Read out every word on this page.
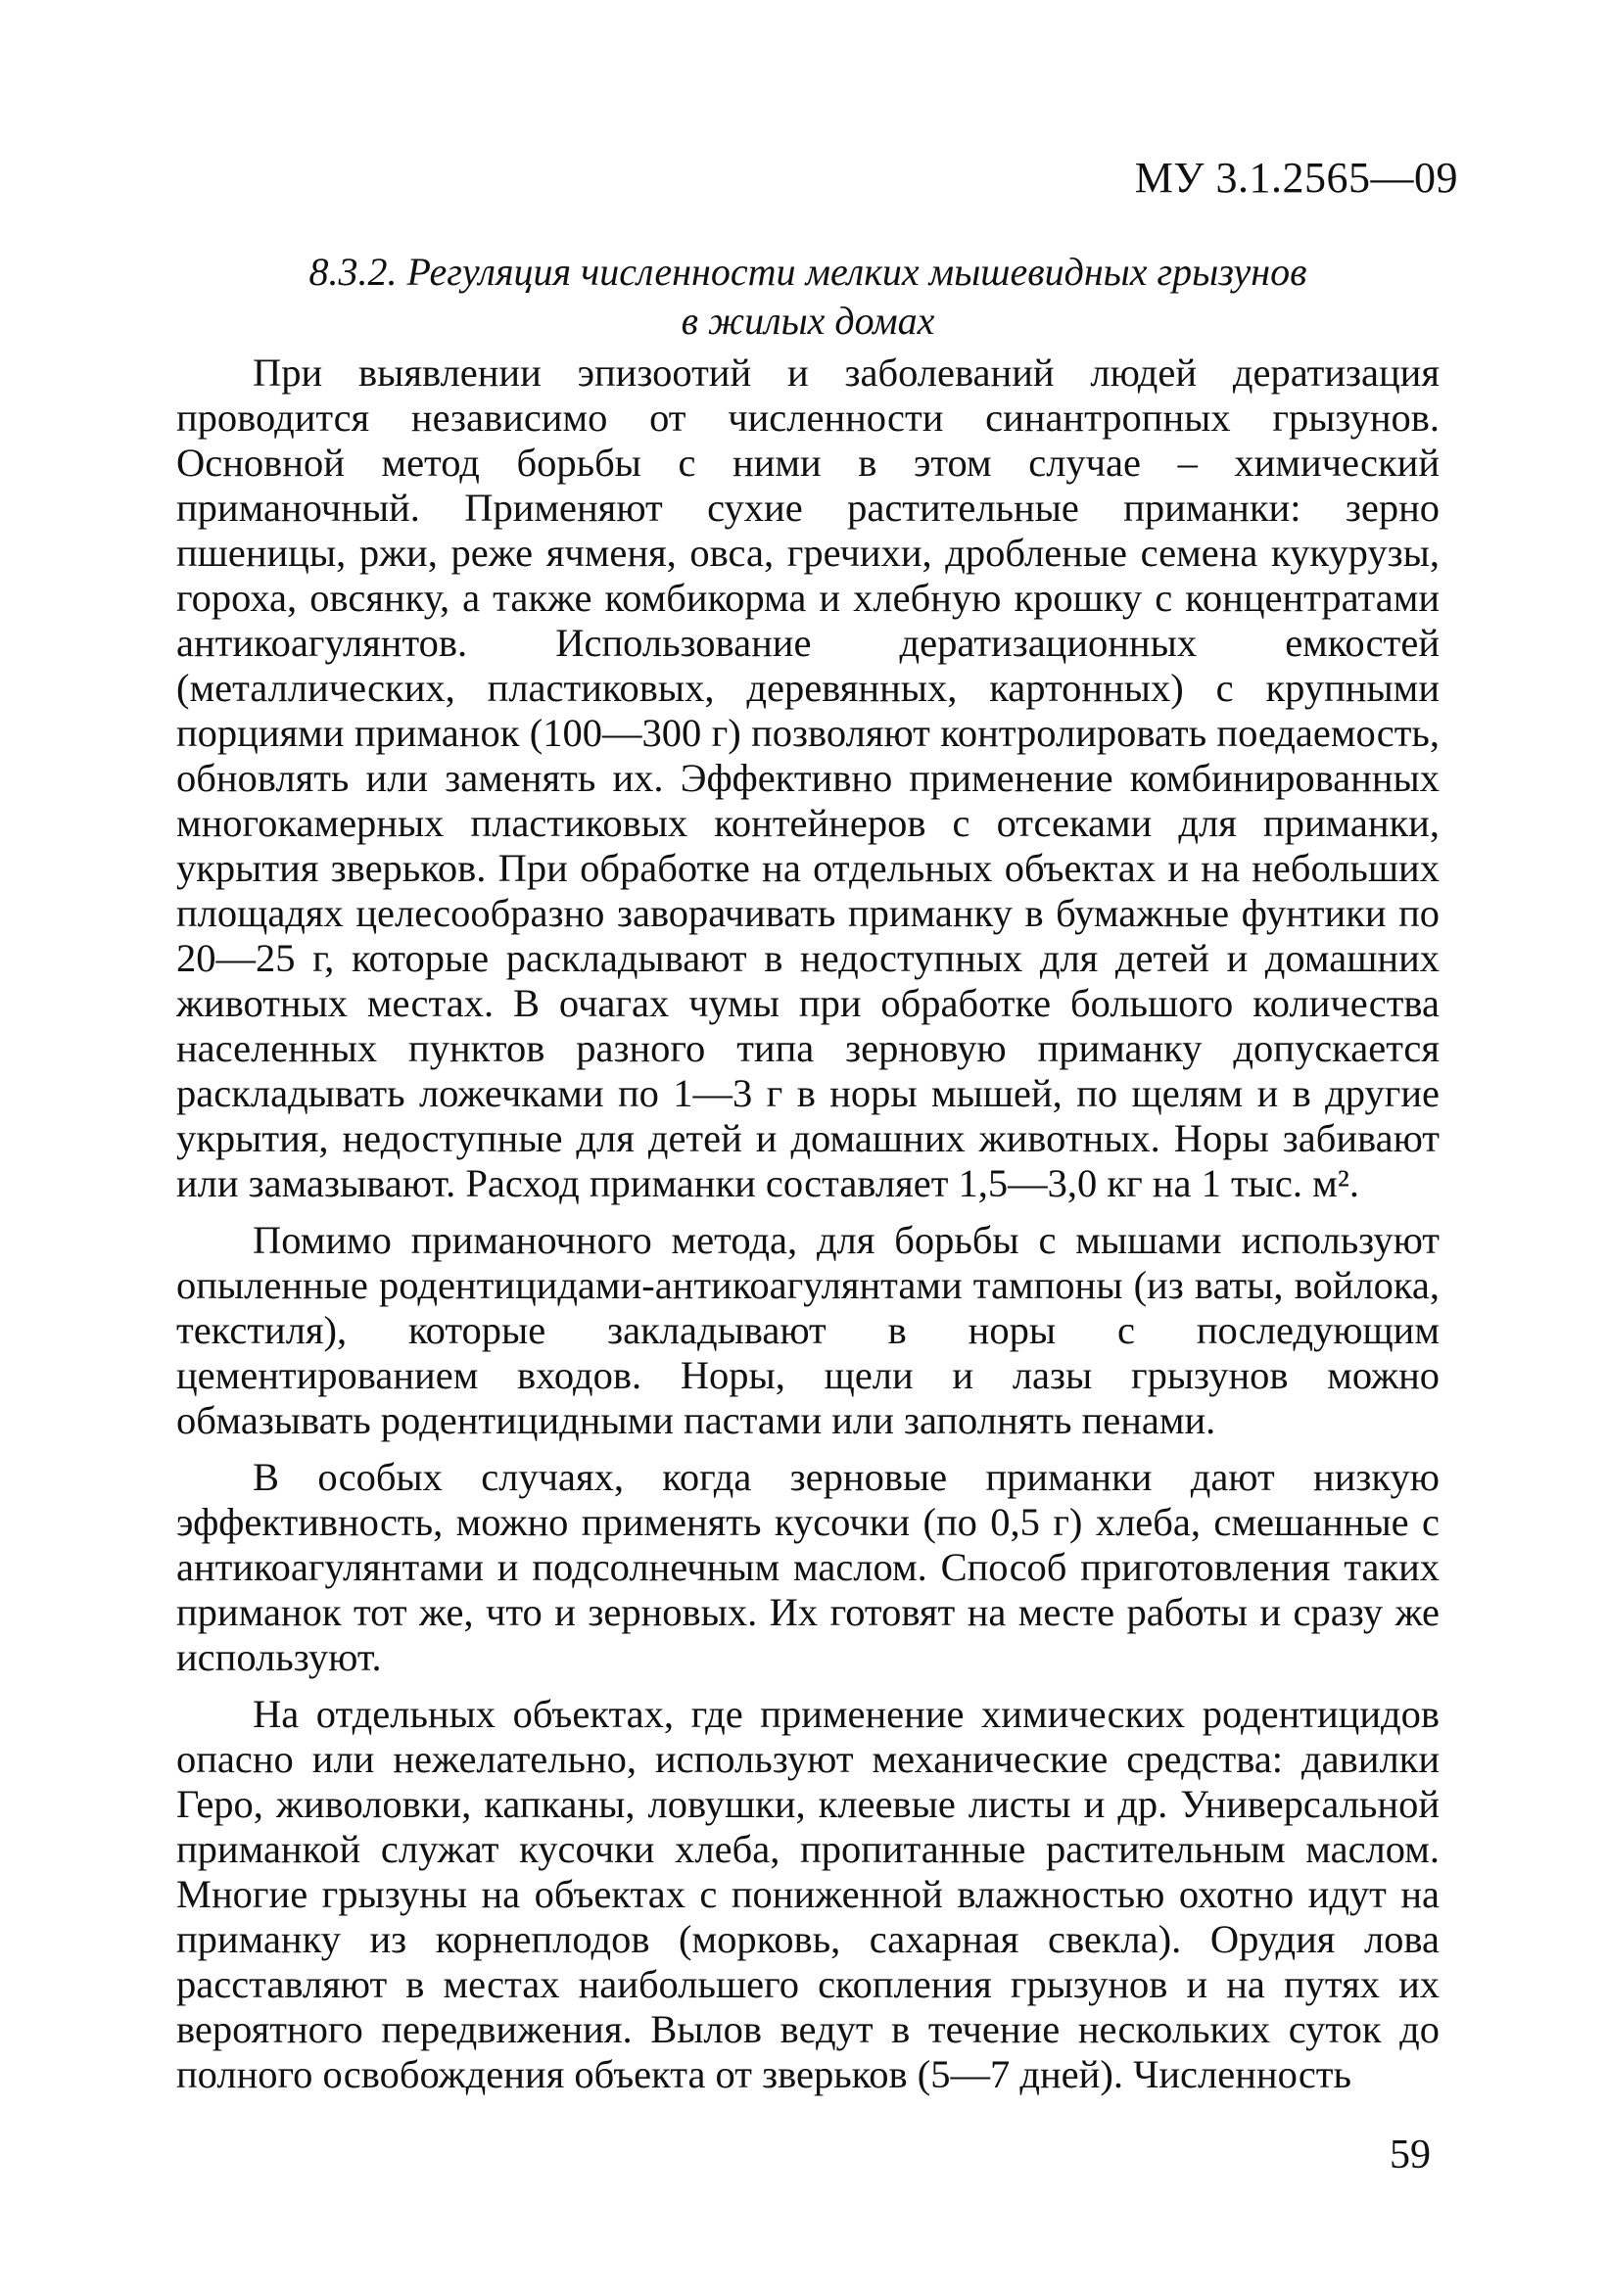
МУ 3.1.2565—09
8.3.2. Регуляция численности мелких мышевидных грызунов
в жилых домах

При выявлении эпизоотий и заболеваний людей дератизация проводится независимо от численности синантропных грызунов. Основной метод борьбы с ними в этом случае – химический приманочный. Применяют сухие растительные приманки: зерно пшеницы, ржи, реже ячменя, овса, гречихи, дробленые семена кукурузы, гороха, овсянку, а также комбикорма и хлебную крошку с концентратами антикоагулянтов. Использование дератизационных емкостей (металлических, пластиковых, деревянных, картонных) с крупными порциями приманок (100—300 г) позволяют контролировать поедаемость, обновлять или заменять их. Эффективно применение комбинированных многокамерных пластиковых контейнеров с отсеками для приманки, укрытия зверьков. При обработке на отдельных объектах и на небольших площадях целесообразно заворачивать приманку в бумажные фунтики по 20—25 г, которые раскладывают в недоступных для детей и домашних животных местах. В очагах чумы при обработке большого количества населенных пунктов разного типа зерновую приманку допускается раскладывать ложечками по 1—3 г в норы мышей, по щелям и в другие укрытия, недоступные для детей и домашних животных. Норы забивают или замазывают. Расход приманки составляет 1,5—3,0 кг на 1 тыс. м².

Помимо приманочного метода, для борьбы с мышами используют опыленные родентицидами-антикоагулянтами тампоны (из ваты, войлока, текстиля), которые закладывают в норы с последующим цементированием входов. Норы, щели и лазы грызунов можно обмазывать родентицидными пастами или заполнять пенами.

В особых случаях, когда зерновые приманки дают низкую эффективность, можно применять кусочки (по 0,5 г) хлеба, смешанные с антикоагулянтами и подсолнечным маслом. Способ приготовления таких приманок тот же, что и зерновых. Их готовят на месте работы и сразу же используют.

На отдельных объектах, где применение химических родентицидов опасно или нежелательно, используют механические средства: давилки Геро, живоловки, капканы, ловушки, клеевые листы и др. Универсальной приманкой служат кусочки хлеба, пропитанные растительным маслом. Многие грызуны на объектах с пониженной влажностью охотно идут на приманку из корнеплодов (морковь, сахарная свекла). Орудия лова расставляют в местах наибольшего скопления грызунов и на путях их вероятного передвижения. Вылов ведут в течение нескольких суток до полного освобождения объекта от зверьков (5—7 дней). Численность

59
